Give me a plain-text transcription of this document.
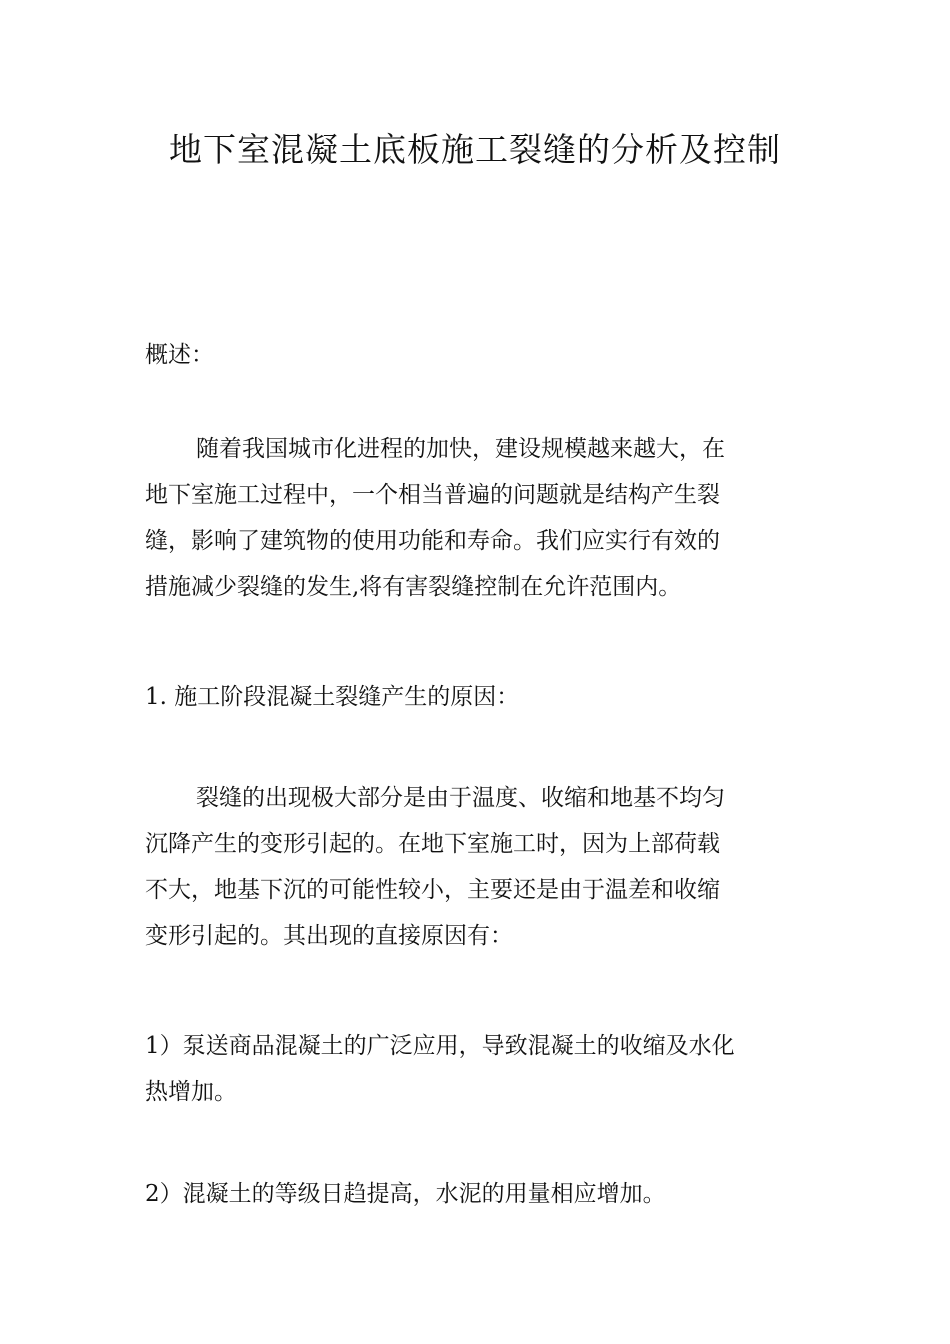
地下室混凝土底板施工裂缝的分析及控制

概述：

随着我国城市化进程的加快，建设规模越来越大，在
地下室施工过程中，一个相当普遍的问题就是结构产生裂
缝，影响了建筑物的使用功能和寿命。我们应实行有效的
措施减少裂缝的发生,将有害裂缝控制在允许范围内。

1. 施工阶段混凝土裂缝产生的原因：

裂缝的出现极大部分是由于温度、收缩和地基不均匀
沉降产生的变形引起的。在地下室施工时，因为上部荷载
不大，地基下沉的可能性较小，主要还是由于温差和收缩
变形引起的。其出现的直接原因有：

1）泵送商品混凝土的广泛应用，导致混凝土的收缩及水化
热增加。

2）混凝土的等级日趋提高，水泥的用量相应增加。
